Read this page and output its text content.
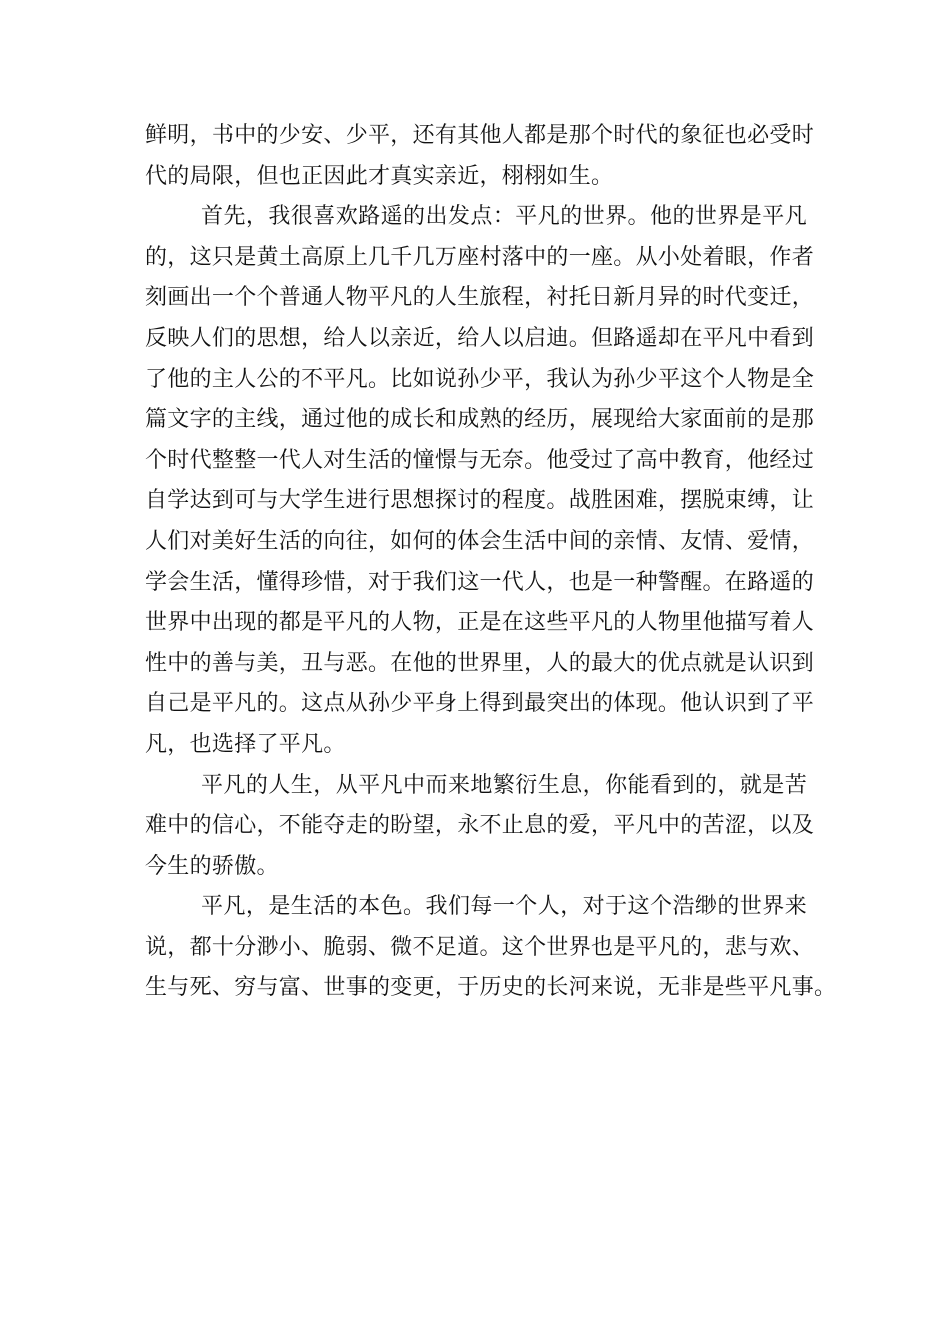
鲜明，书中的少安、少平，还有其他人都是那个时代的象征也必受时
代的局限，但也正因此才真实亲近，栩栩如生。
首先，我很喜欢路遥的出发点：平凡的世界。他的世界是平凡
的，这只是黄土高原上几千几万座村落中的一座。从小处着眼，作者
刻画出一个个普通人物平凡的人生旅程，衬托日新月异的时代变迁，
反映人们的思想，给人以亲近，给人以启迪。但路遥却在平凡中看到
了他的主人公的不平凡。比如说孙少平，我认为孙少平这个人物是全
篇文字的主线，通过他的成长和成熟的经历，展现给大家面前的是那
个时代整整一代人对生活的憧憬与无奈。他受过了高中教育，他经过
自学达到可与大学生进行思想探讨的程度。战胜困难，摆脱束缚，让
人们对美好生活的向往，如何的体会生活中间的亲情、友情、爱情，
学会生活，懂得珍惜，对于我们这一代人，也是一种警醒。在路遥的
世界中出现的都是平凡的人物，正是在这些平凡的人物里他描写着人
性中的善与美，丑与恶。在他的世界里，人的最大的优点就是认识到
自己是平凡的。这点从孙少平身上得到最突出的体现。他认识到了平
凡，也选择了平凡。
平凡的人生，从平凡中而来地繁衍生息，你能看到的，就是苦
难中的信心，不能夺走的盼望，永不止息的爱，平凡中的苦涩，以及
今生的骄傲。
平凡，是生活的本色。我们每一个人，对于这个浩缈的世界来
说，都十分渺小、脆弱、微不足道。这个世界也是平凡的，悲与欢、
生与死、穷与富、世事的变更，于历史的长河来说，无非是些平凡事。
